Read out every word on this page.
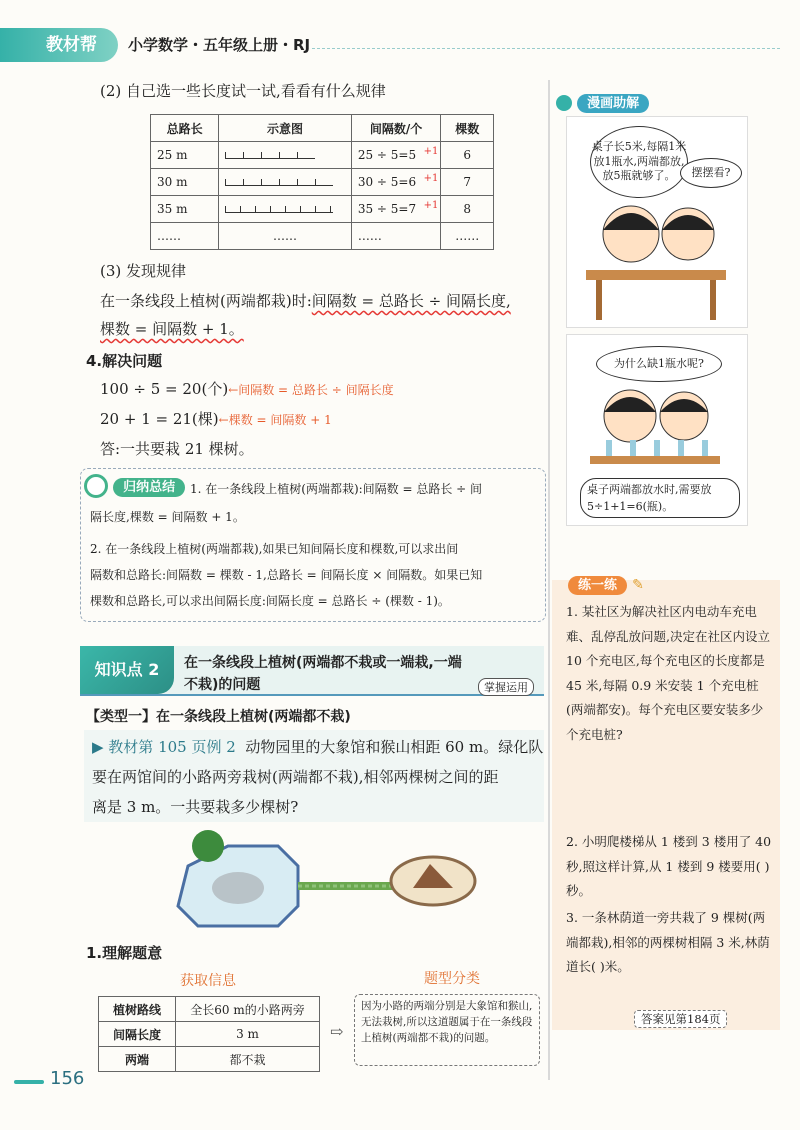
教材帮	小学数学・五年级上册・RJ
(2) 自己选一些长度试一试,看看有什么规律
总路长	示意图	间隔数/个	棵数
25 m		25 ÷ 5=5 +1	6
30 m		30 ÷ 5=6 +1	7
35 m		35 ÷ 5=7 +1	8
……	……	……	……
(3) 发现规律
在一条线段上植树(两端都栽)时:间隔数 = 总路长 ÷ 间隔长度,
棵数 = 间隔数 + 1。
4.解决问题
100 ÷ 5 = 20(个)←间隔数 = 总路长 ÷ 间隔长度
20 + 1 = 21(棵)←棵数 = 间隔数 + 1
答:一共要栽 21 棵树。
归纳总结	1. 在一条线段上植树(两端都栽):间隔数 = 总路长 ÷ 间
隔长度,棵数 = 间隔数 + 1。
2. 在一条线段上植树(两端都栽),如果已知间隔长度和棵数,可以求出间
隔数和总路长:间隔数 = 棵数 - 1,总路长 = 间隔长度 × 间隔数。如果已知
棵数和总路长,可以求出间隔长度:间隔长度 = 总路长 ÷ (棵数 - 1)。
知识点 2	在一条线段上植树(两端都不栽或一端栽,一端
不栽)的问题	掌握运用
【类型一】在一条线段上植树(两端都不栽)
▶ 教材第 105 页例 2 动物园里的大象馆和猴山相距 60 m。绿化队
要在两馆间的小路两旁栽树(两端都不栽),相邻两棵树之间的距
离是 3 m。一共要栽多少棵树?
1.理解题意
获取信息	题型分类
植树路线	全长60 m的小路两旁
间隔长度	3 m
两端	都不栽
⇨
因为小路的两端分别是大象馆和猴山,无法栽树,所以这道题属于在一条线段上植树(两端都不栽)的问题。
156
漫画助解
桌子长5米,每隔1米放1瓶水,两端都放,放5瓶就够了。	摆摆看?
为什么缺1瓶水呢?
桌子两端都放水时,需要放5÷1+1=6(瓶)。
练一练 ✎
1. 某社区为解决社区内电动车充电难、乱停乱放问题,决定在社区内设立 10 个充电区,每个充电区的长度都是 45 米,每隔 0.9 米安装 1 个充电桩(两端都安)。每个充电区要安装多少个充电桩?
2. 小明爬楼梯从 1 楼到 3 楼用了 40 秒,照这样计算,从 1 楼到 9 楼要用( )秒。
3. 一条林荫道一旁共栽了 9 棵树(两端都栽),相邻的两棵树相隔 3 米,林荫道长( )米。
答案见第184页
